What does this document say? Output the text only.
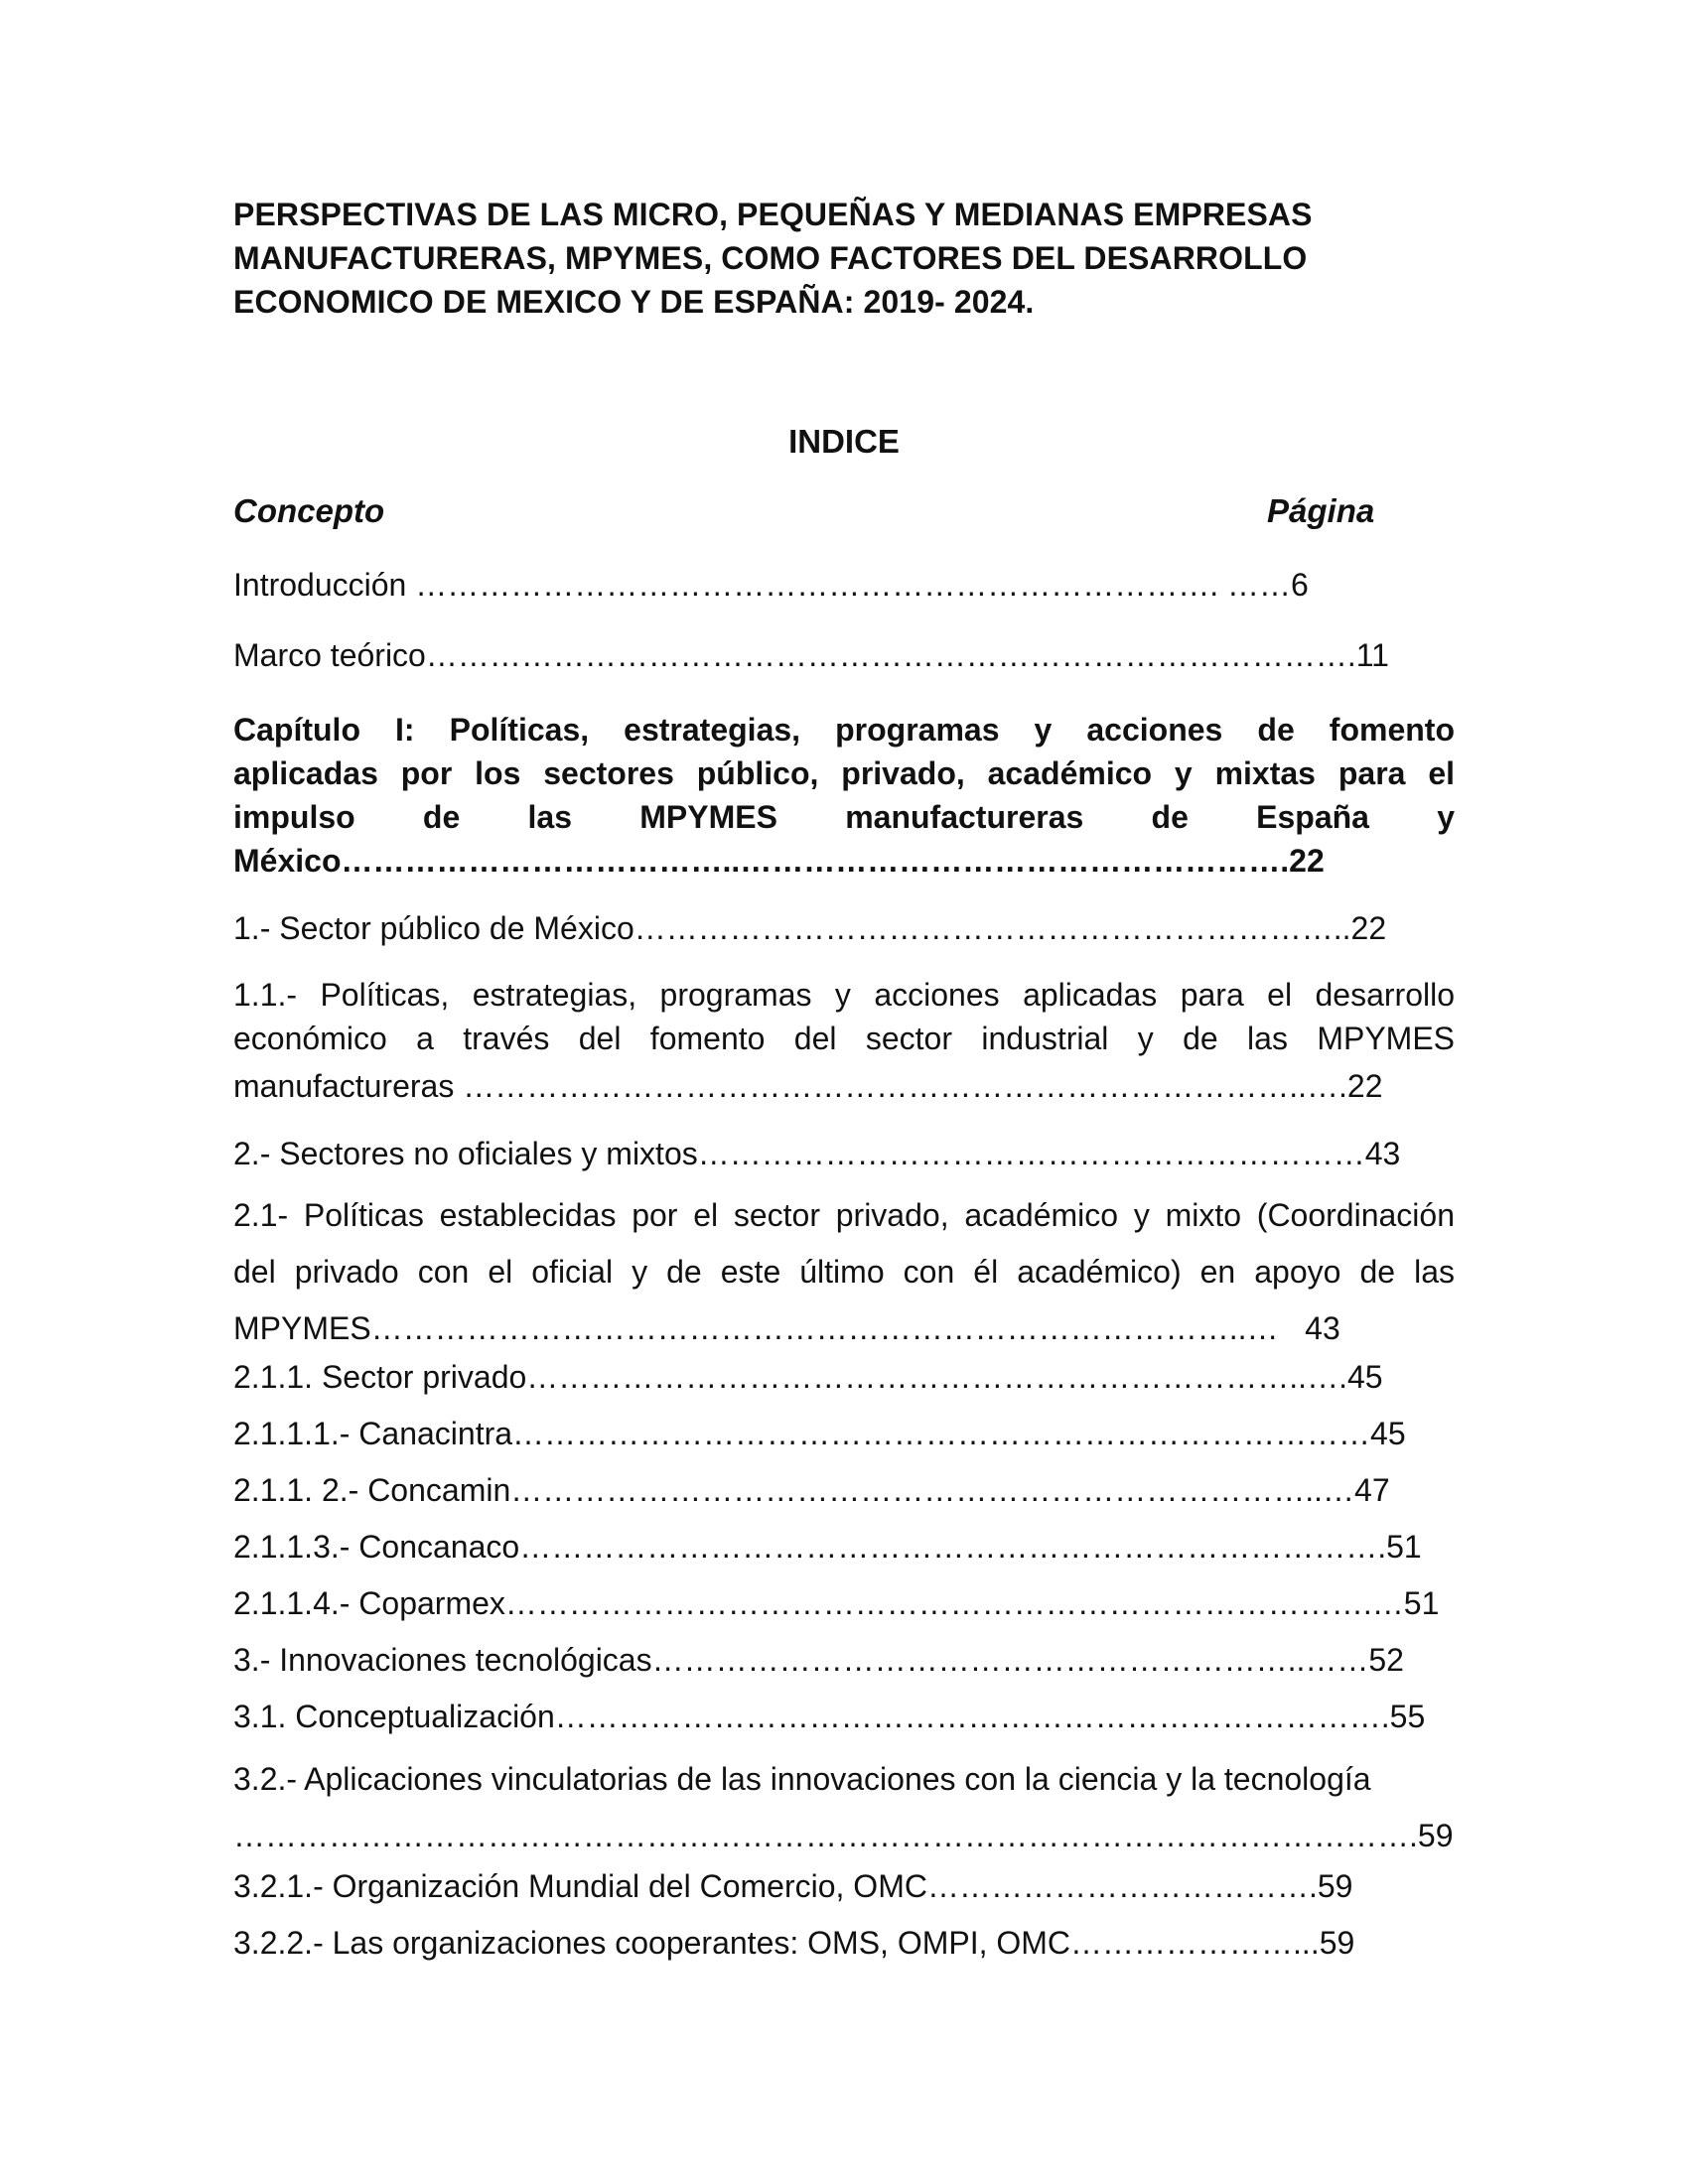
PERSPECTIVAS DE LAS MICRO, PEQUEÑAS Y MEDIANAS EMPRESAS

MANUFACTURERAS, MPYMES, COMO FACTORES DEL DESARROLLO

ECONOMICO DE MEXICO Y DE ESPAÑA: 2019- 2024.

INDICE

Concepto	Página

Introducción …………………………………………………………………. ……6

Marco teórico…………………………………………………………………………….11

Capítulo I: Políticas, estrategias, programas y acciones de fomento
aplicadas por los sectores público, privado, académico y mixtas para el
impulso de las MPYMES manufactureras de España y
México………………………………..…………………………………………….22

1.- Sector público de México…………………………………………………………..22

1.1.- Políticas, estrategias, programas y acciones aplicadas para el desarrollo
económico a través del fomento del sector industrial y de las MPYMES
manufactureras ……………………………………………………………………..….22

2.- Sectores no oficiales y mixtos………………………………………………………43

2.1- Políticas establecidas por el sector privado, académico y mixto (Coordinación
del privado con el oficial y de este último con él académico) en apoyo de las
MPYMES………………………………………………………………………..…   43

2.1.1. Sector privado………………………………………………………………..….45

2.1.1.1.- Canacintra………………………………………………………………………45

2.1.1. 2.- Concamin…………………………………………………………………..…47

2.1.1.3.- Concanaco……………………………………………………………………….51

2.1.1.4.- Coparmex……………………………………………………………………….…51

3.- Innovaciones tecnológicas……………………………………………………..……52

3.1. Conceptualización…………………………………………………………………….55

3.2.- Aplicaciones vinculatorias de las innovaciones con la ciencia y la tecnología
………………………………………………………………………………………………….59

3.2.1.- Organización Mundial del Comercio, OMC……………………………….59

3.2.2.- Las organizaciones cooperantes: OMS, OMPI, OMC…………………...59
